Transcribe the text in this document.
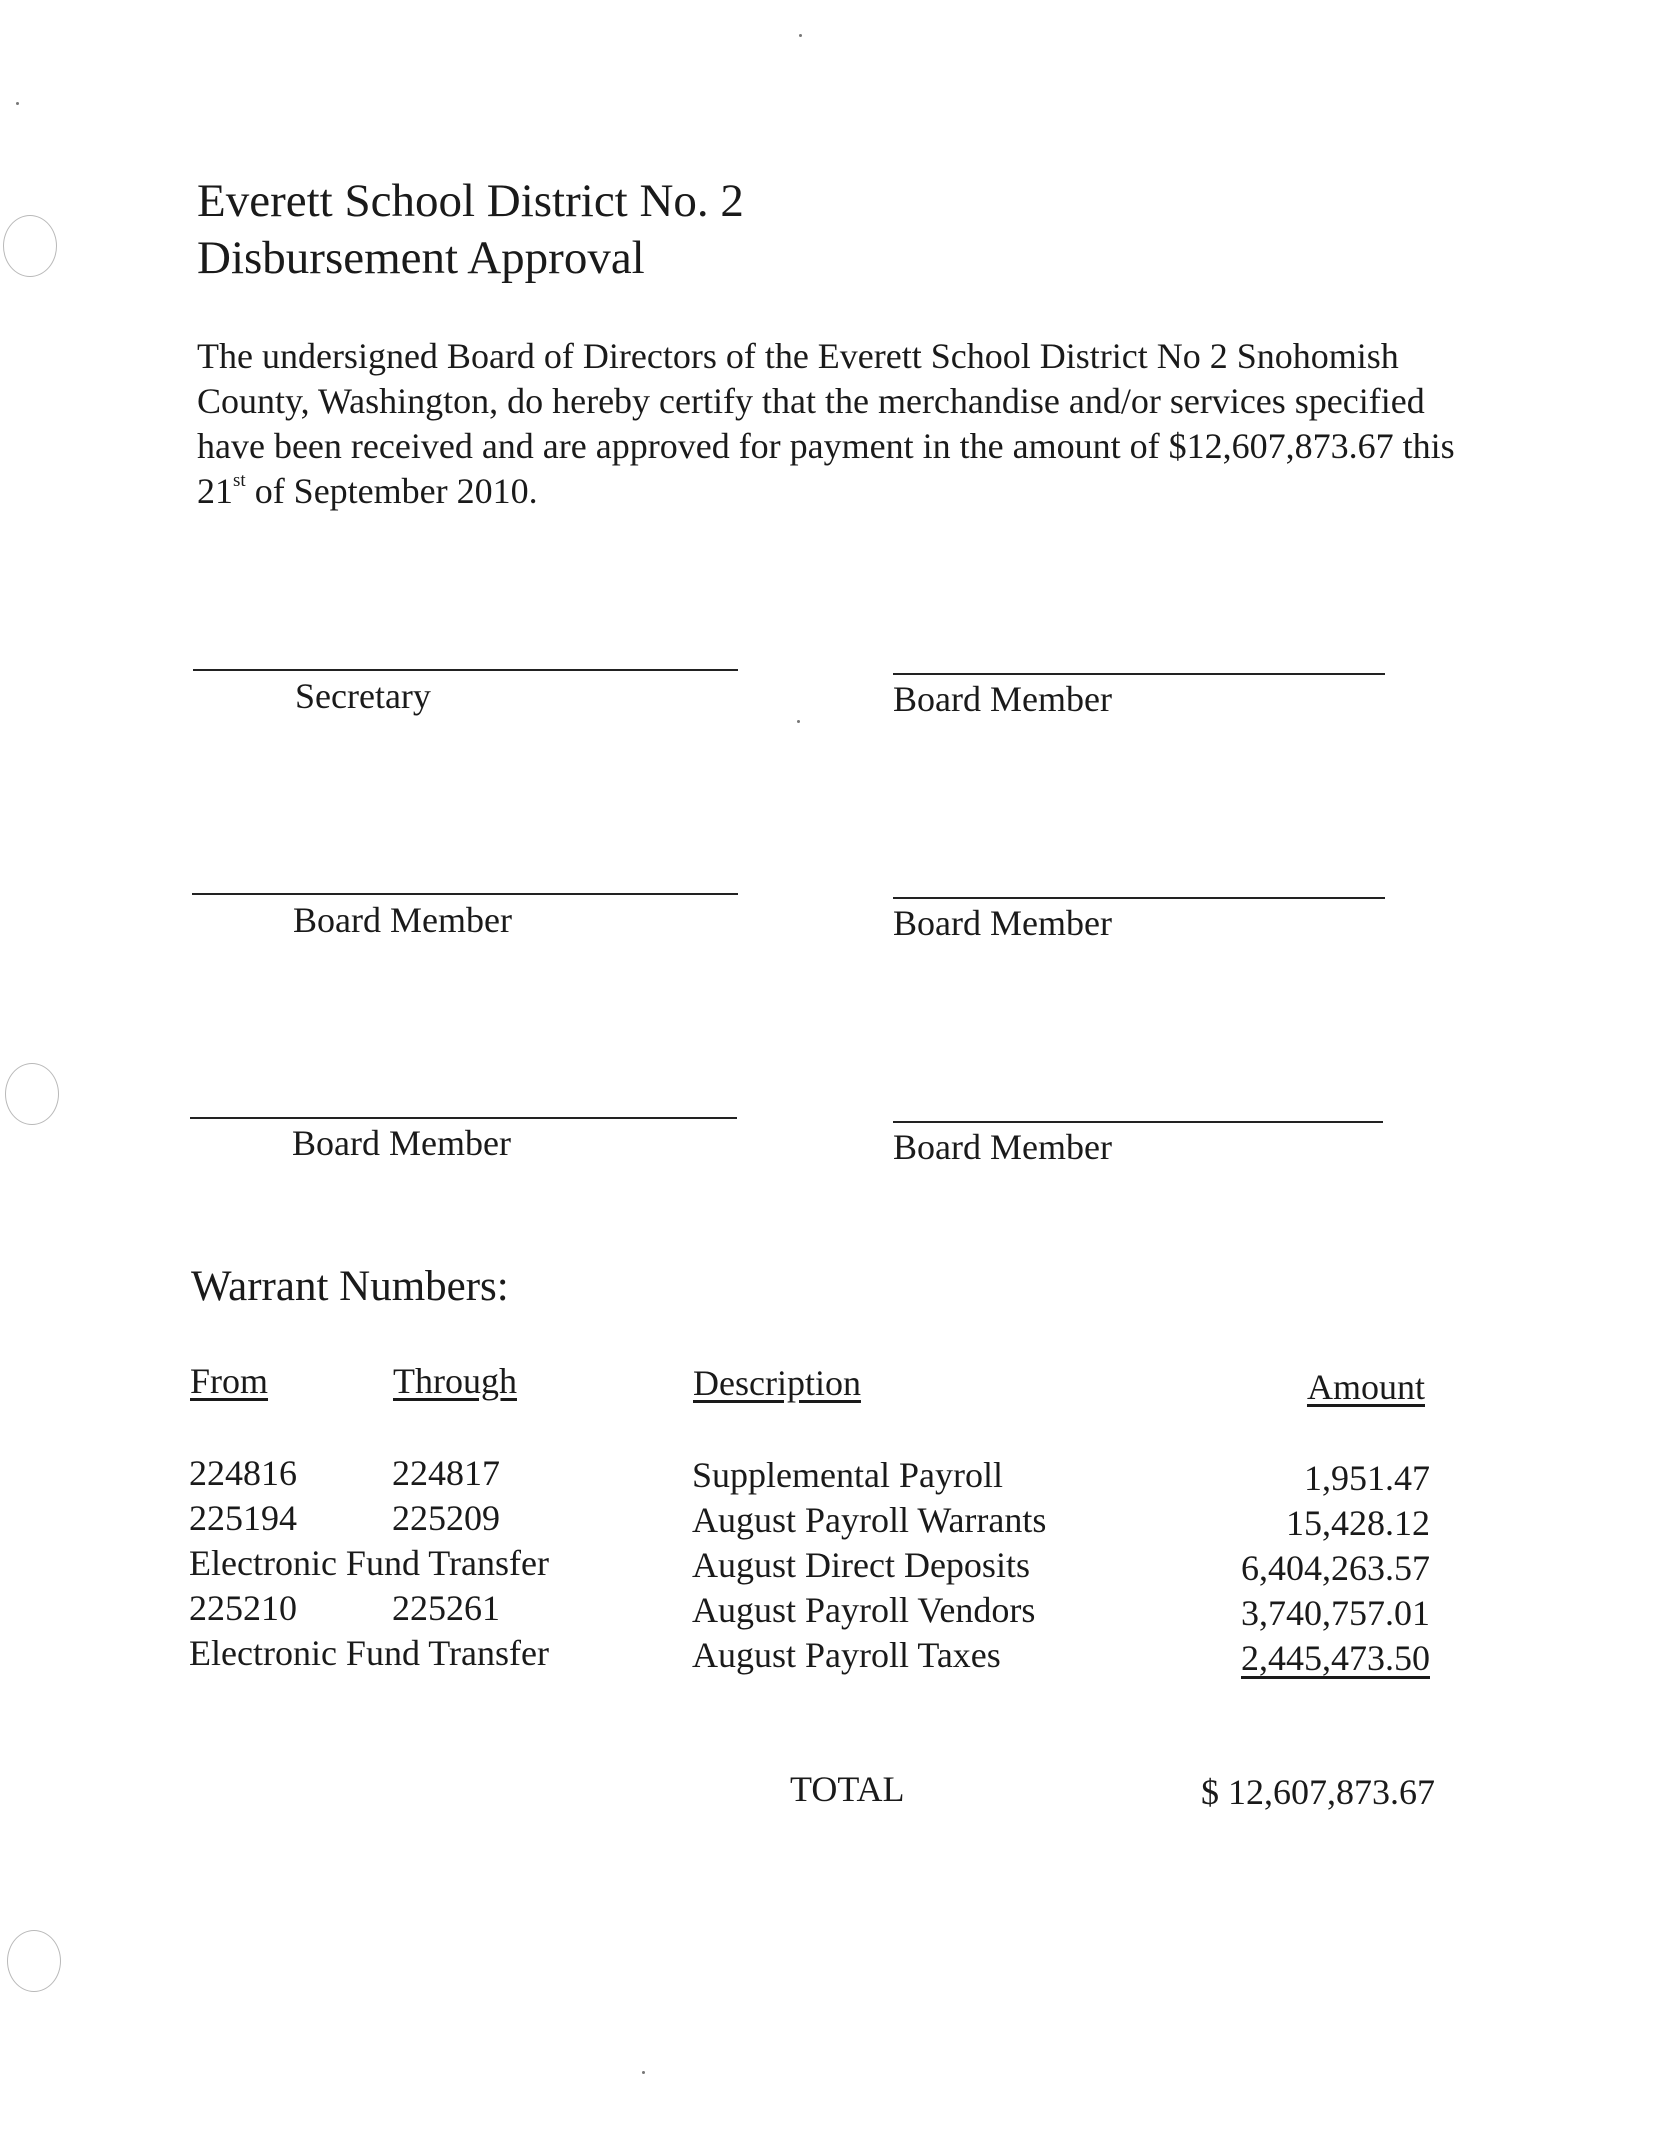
Everett School District No. 2
Disbursement Approval
The undersigned Board of Directors of the Everett School District No 2 Snohomish County, Washington, do hereby certify that the merchandise and/or services specified have been received and are approved for payment in the amount of $12,607,873.67 this 21st of September 2010.
Secretary	Board Member
Board Member	Board Member
Board Member	Board Member
Warrant Numbers:
From	Through	Description	Amount
224816	224817	Supplemental Payroll	1,951.47
225194	225209	August Payroll Warrants	15,428.12
Electronic Fund Transfer	August Direct Deposits	6,404,263.57
225210	225261	August Payroll Vendors	3,740,757.01
Electronic Fund Transfer	August Payroll Taxes	2,445,473.50
TOTAL	$ 12,607,873.67
